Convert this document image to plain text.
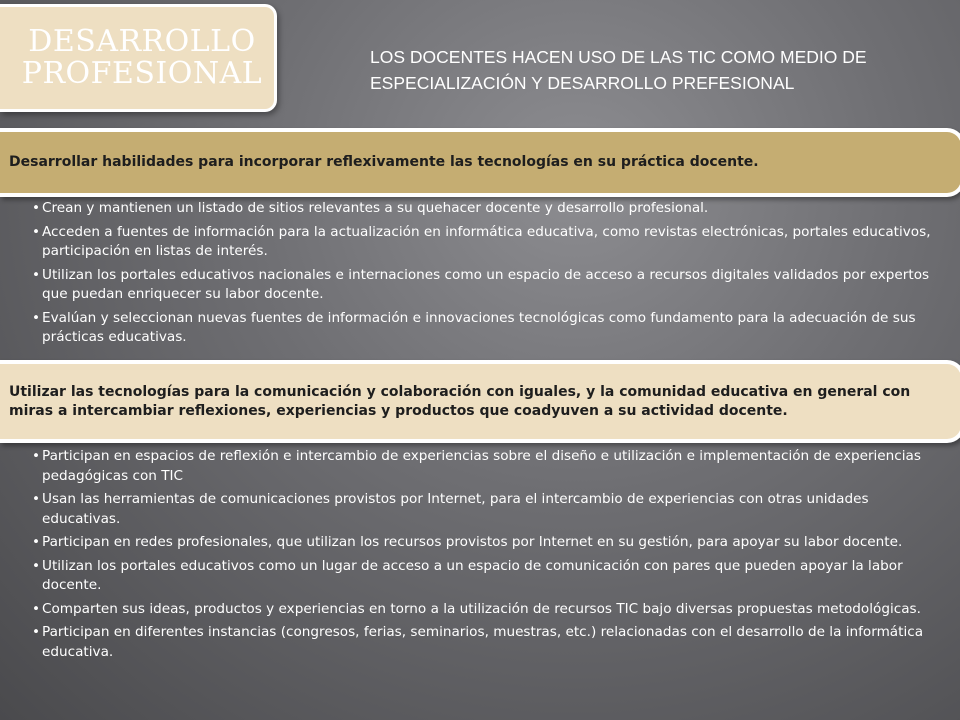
DESARROLLO PROFESIONAL	LOS DOCENTES HACEN USO DE LAS TIC COMO MEDIO DE ESPECIALIZACIÓN Y DESARROLLO PREFESIONAL
Desarrollar habilidades para incorporar reflexivamente las tecnologías en su práctica docente.
• Crean y mantienen un listado de sitios relevantes a su quehacer docente y desarrollo profesional.
• Acceden a fuentes de información para la actualización en informática educativa, como revistas electrónicas, portales educativos, participación en listas de interés.
• Utilizan los portales educativos nacionales e internaciones como un espacio de acceso a recursos digitales validados por expertos que puedan enriquecer su labor docente.
• Evalúan y seleccionan nuevas fuentes de información e innovaciones tecnológicas como fundamento para la adecuación de sus prácticas educativas.
Utilizar las tecnologías para la comunicación y colaboración con iguales, y la comunidad educativa en general con miras a intercambiar reflexiones, experiencias y productos que coadyuven a su actividad docente.
• Participan en espacios de reflexión e intercambio de experiencias sobre el diseño e utilización e implementación de experiencias pedagógicas con TIC
• Usan las herramientas de comunicaciones provistos por Internet, para el intercambio de experiencias con otras unidades educativas.
• Participan en redes profesionales, que utilizan los recursos provistos por Internet en su gestión, para apoyar su labor docente.
• Utilizan los portales educativos como un lugar de acceso a un espacio de comunicación con pares que pueden apoyar la labor docente.
• Comparten sus ideas, productos y experiencias en torno a la utilización de recursos TIC bajo diversas propuestas metodológicas.
• Participan en diferentes instancias (congresos, ferias, seminarios, muestras, etc.) relacionadas con el desarrollo de la informática educativa.
